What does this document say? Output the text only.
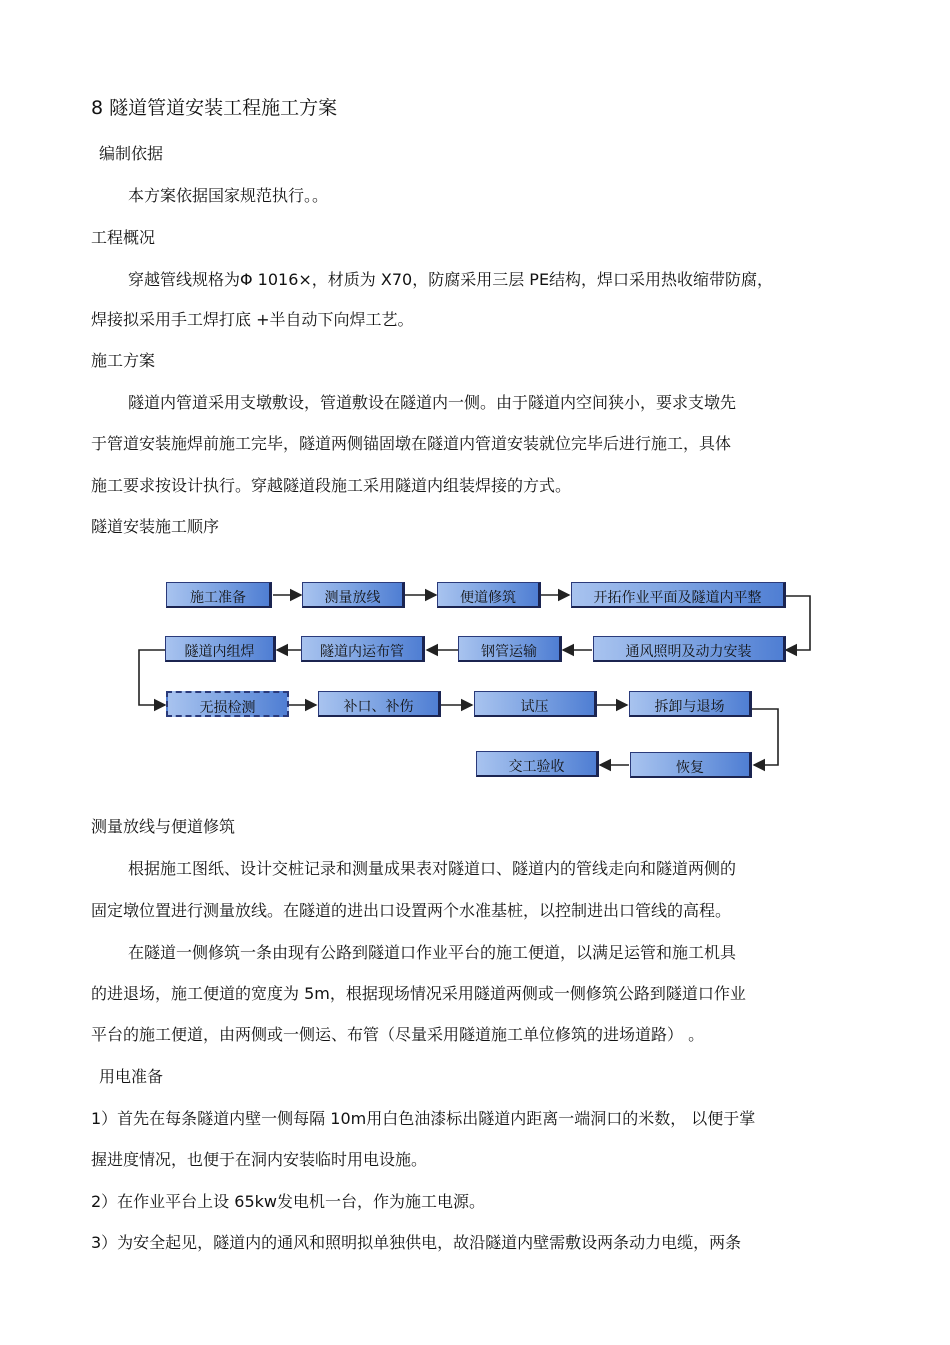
8 隧道管道安装工程施工方案
编制依据
本方案依据国家规范执行。。
工程概况
穿越管线规格为Φ 1016×，材质为 X70，防腐采用三层 PE结构，焊口采用热收缩带防腐，
焊接拟采用手工焊打底 +半自动下向焊工艺。
施工方案
隧道内管道采用支墩敷设，管道敷设在隧道内一侧。由于隧道内空间狭小，要求支墩先
于管道安装施焊前施工完毕，隧道两侧锚固墩在隧道内管道安装就位完毕后进行施工，具体
施工要求按设计执行。穿越隧道段施工采用隧道内组装焊接的方式。
隧道安装施工顺序
施工准备	测量放线	便道修筑	开拓作业平面及隧道内平整
通风照明及动力安装
钢管运输
隧道内运布管
隧道内组焊
无损检测	补口、补伤	试压	拆卸与退场
恢复
交工验收
测量放线与便道修筑
根据施工图纸、设计交桩记录和测量成果表对隧道口、隧道内的管线走向和隧道两侧的
固定墩位置进行测量放线。在隧道的进出口设置两个水准基桩，以控制进出口管线的高程。
在隧道一侧修筑一条由现有公路到隧道口作业平台的施工便道，以满足运管和施工机具
的进退场，施工便道的宽度为 5m，根据现场情况采用隧道两侧或一侧修筑公路到隧道口作业
平台的施工便道，由两侧或一侧运、布管（尽量采用隧道施工单位修筑的进场道路） 。
用电准备
1）首先在每条隧道内壁一侧每隔 10m用白色油漆标出隧道内距离一端洞口的米数， 以便于掌
握进度情况，也便于在洞内安装临时用电设施。
2）在作业平台上设 65kw发电机一台，作为施工电源。
3）为安全起见，隧道内的通风和照明拟单独供电，故沿隧道内壁需敷设两条动力电缆，两条
